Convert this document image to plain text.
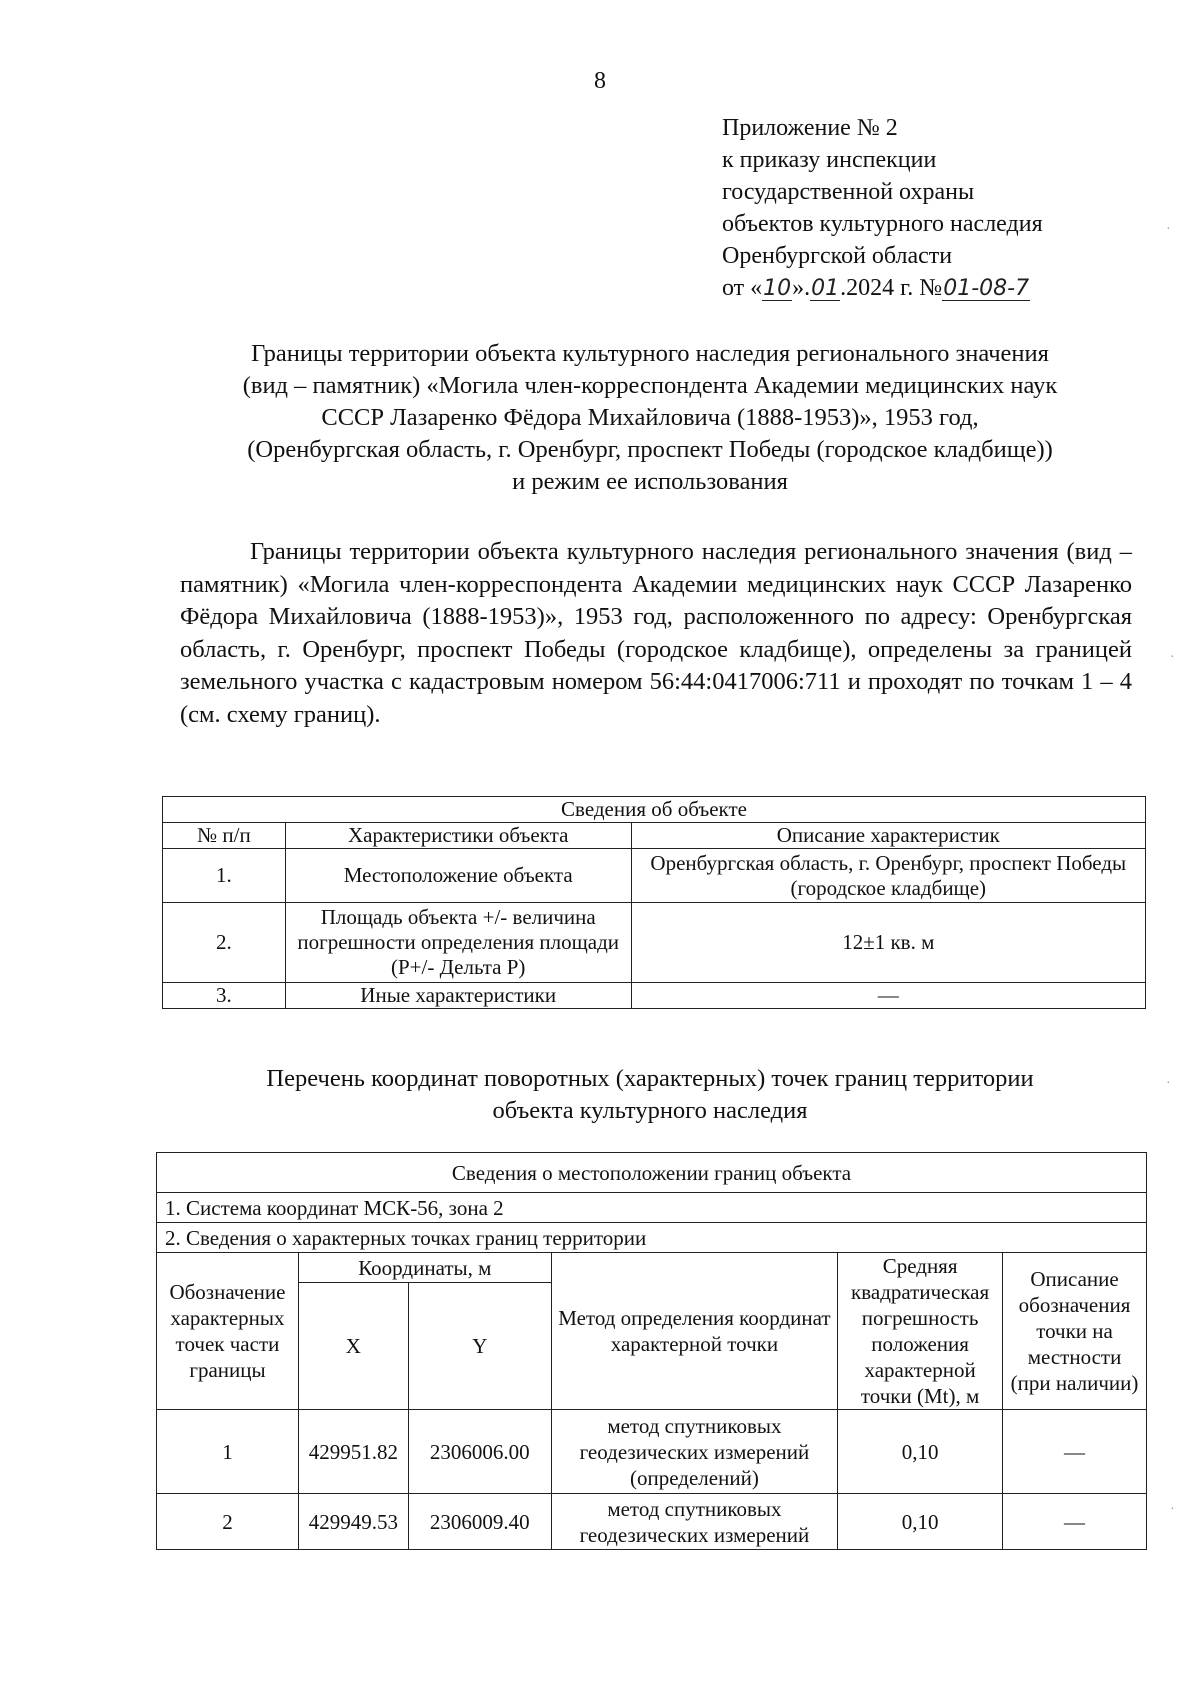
8
Приложение № 2
к приказу инспекции
государственной охраны
объектов культурного наследия
Оренбургской области
от «10».01.2024 г. №01-08-7
Границы территории объекта культурного наследия регионального значения
(вид – памятник) «Могила член-корреспондента Академии медицинских наук
СССР Лазаренко Фёдора Михайловича (1888-1953)», 1953 год,
(Оренбургская область, г. Оренбург, проспект Победы (городское кладбище))
и режим ее использования
Границы территории объекта культурного наследия регионального значения (вид – памятник) «Могила член-корреспондента Академии медицинских наук СССР Лазаренко Фёдора Михайловича (1888-1953)», 1953 год, расположенного по адресу: Оренбургская область, г. Оренбург, проспект Победы (городское кладбище), определены за границей земельного участка с кадастровым номером 56:44:0417006:711 и проходят по точкам 1 – 4 (см. схему границ).
Сведения об объекте		
№ п/п	Характеристики объекта	Описание характеристик
1.	Местоположение объекта	Оренбургская область, г. Оренбург, проспект Победы (городское кладбище)
2.	Площадь объекта +/- величина погрешности определения площади (Р+/- Дельта Р)	12±1 кв. м
3.	Иные характеристики	—
Перечень координат поворотных (характерных) точек границ территории
объекта культурного наследия
Сведения о местоположении границ объекта					
1. Система координат МСК-56, зона 2					
2. Сведения о характерных точках границ территории					
Обозначение характерных точек части границы	Координаты, м		Метод определения координат характерной точки	Средняя квадратическая погрешность положения характерной точки (Mt), м	Описание обозначения точки на местности (при наличии)
	X	Y			
1	429951.82	2306006.00	метод спутниковых геодезических измерений (определений)	0,10	—
2	429949.53	2306009.40	метод спутниковых геодезических измерений	0,10	—
·
·
·
·
